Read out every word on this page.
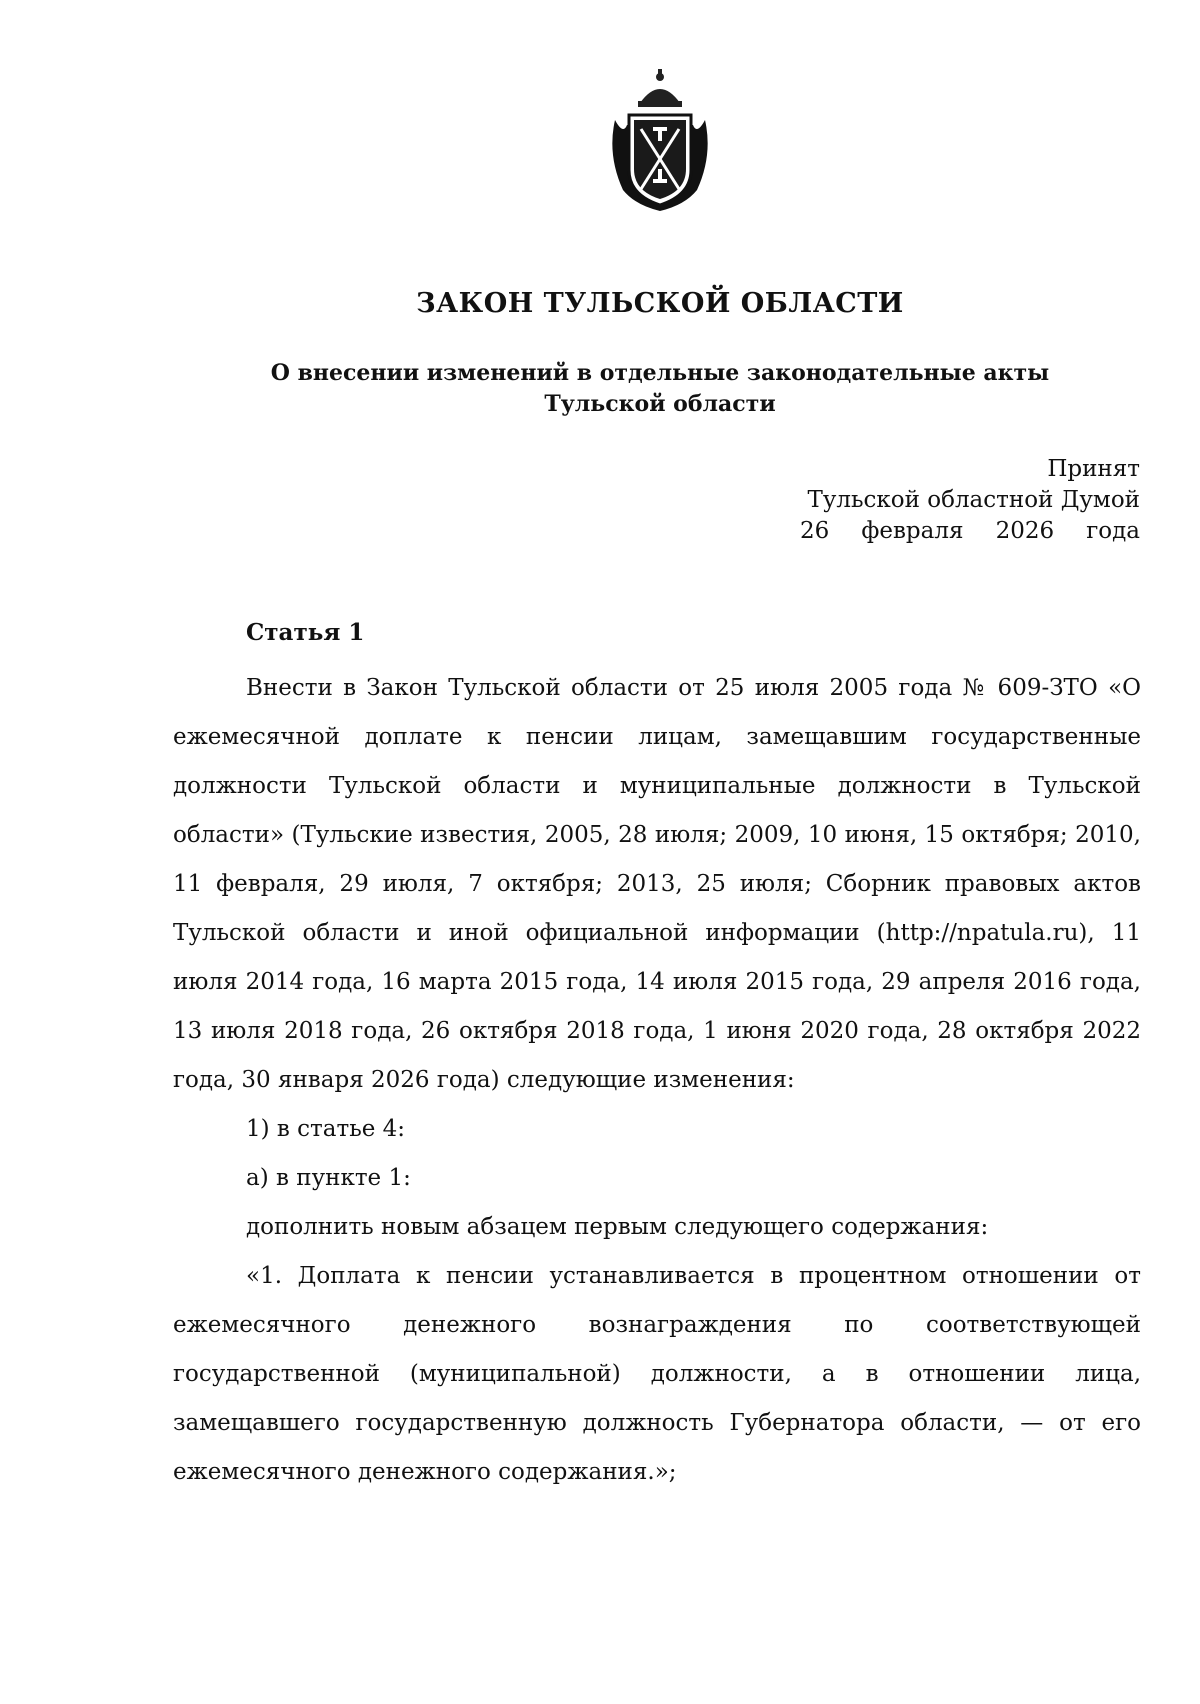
ЗАКОН ТУЛЬСКОЙ ОБЛАСТИ
О внесении изменений в отдельные законодательные акты
Тульской области
Принят
Тульской областной Думой
26 февраля 2026 года
Статья 1

Внести в Закон Тульской области от 25 июля 2005 года № 609-ЗТО «О ежемесячной доплате к пенсии лицам, замещавшим государственные должности Тульской области и муниципальные должности в Тульской области» (Тульские известия, 2005, 28 июля; 2009, 10 июня, 15 октября; 2010, 11 февраля, 29 июля, 7 октября; 2013, 25 июля; Сборник правовых актов Тульской области и иной официальной информации (http://npatula.ru), 11 июля 2014 года, 16 марта 2015 года, 14 июля 2015 года, 29 апреля 2016 года, 13 июля 2018 года, 26 октября 2018 года, 1 июня 2020 года, 28 октября 2022 года, 30 января 2026 года) следующие изменения:

1) в статье 4:

а) в пункте 1:

дополнить новым абзацем первым следующего содержания:

«1. Доплата к пенсии устанавливается в процентном отношении от ежемесячного денежного вознаграждения по соответствующей государственной (муниципальной) должности, а в отношении лица, замещавшего государственную должность Губернатора области, — от его ежемесячного денежного содержания.»;
